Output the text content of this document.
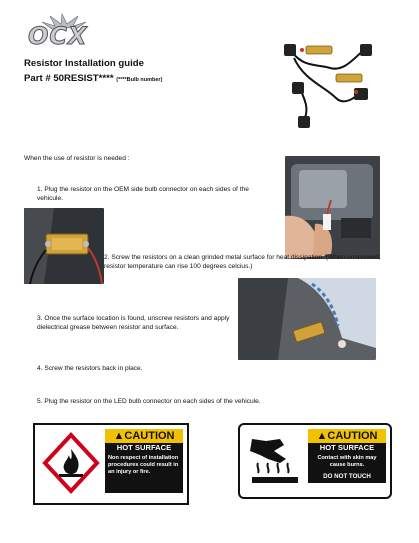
OCX
Resistor Installation guide
Part # 50RESIST**** (****Bulb number)
When the use of resistor is needed :
1. Plug the resistor on the OEM side bulb connector on each sides of the vehicule.
2. Screw the resistors on a clean grinded metal surface for heat dissipation. (When unscrewed, resistor temperature can rise 100 degrees celcius.)
3. Once the surface location is found, unscrew resistors and apply dielectrical grease between resistor and surface.
4. Screw the resistors back in place.
5. Plug the resistor on the LED bulb connector on each sides of the vehicule.
▲CAUTION
HOT SURFACE
Non respect of installation procedures could result in an injury or fire.
▲CAUTION
HOT SURFACE
Contact with skin may cause burns.
DO NOT TOUCH
